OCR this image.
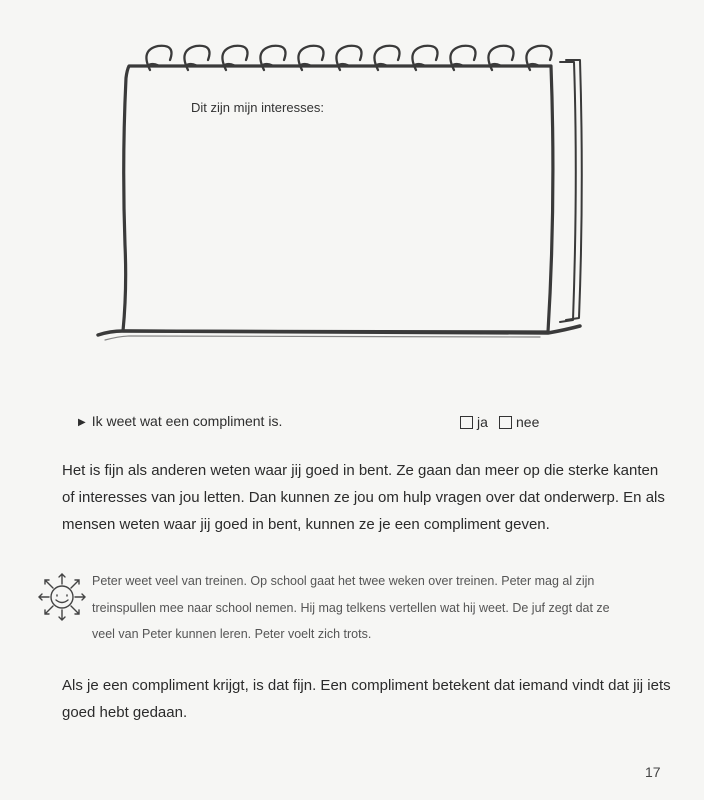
Dit zijn mijn interesses:
▶ Ik weet wat een compliment is.	ja nee
Het is fijn als anderen weten waar jij goed in bent. Ze gaan dan meer op die sterke kanten
of interesses van jou letten. Dan kunnen ze jou om hulp vragen over dat onderwerp. En als
mensen weten waar jij goed in bent, kunnen ze je een compliment geven.
Peter weet veel van treinen. Op school gaat het twee weken over treinen. Peter mag al zijn
treinspullen mee naar school nemen. Hij mag telkens vertellen wat hij weet. De juf zegt dat ze
veel van Peter kunnen leren. Peter voelt zich trots.
Als je een compliment krijgt, is dat fijn. Een compliment betekent dat iemand vindt dat jij iets
goed hebt gedaan.
17
